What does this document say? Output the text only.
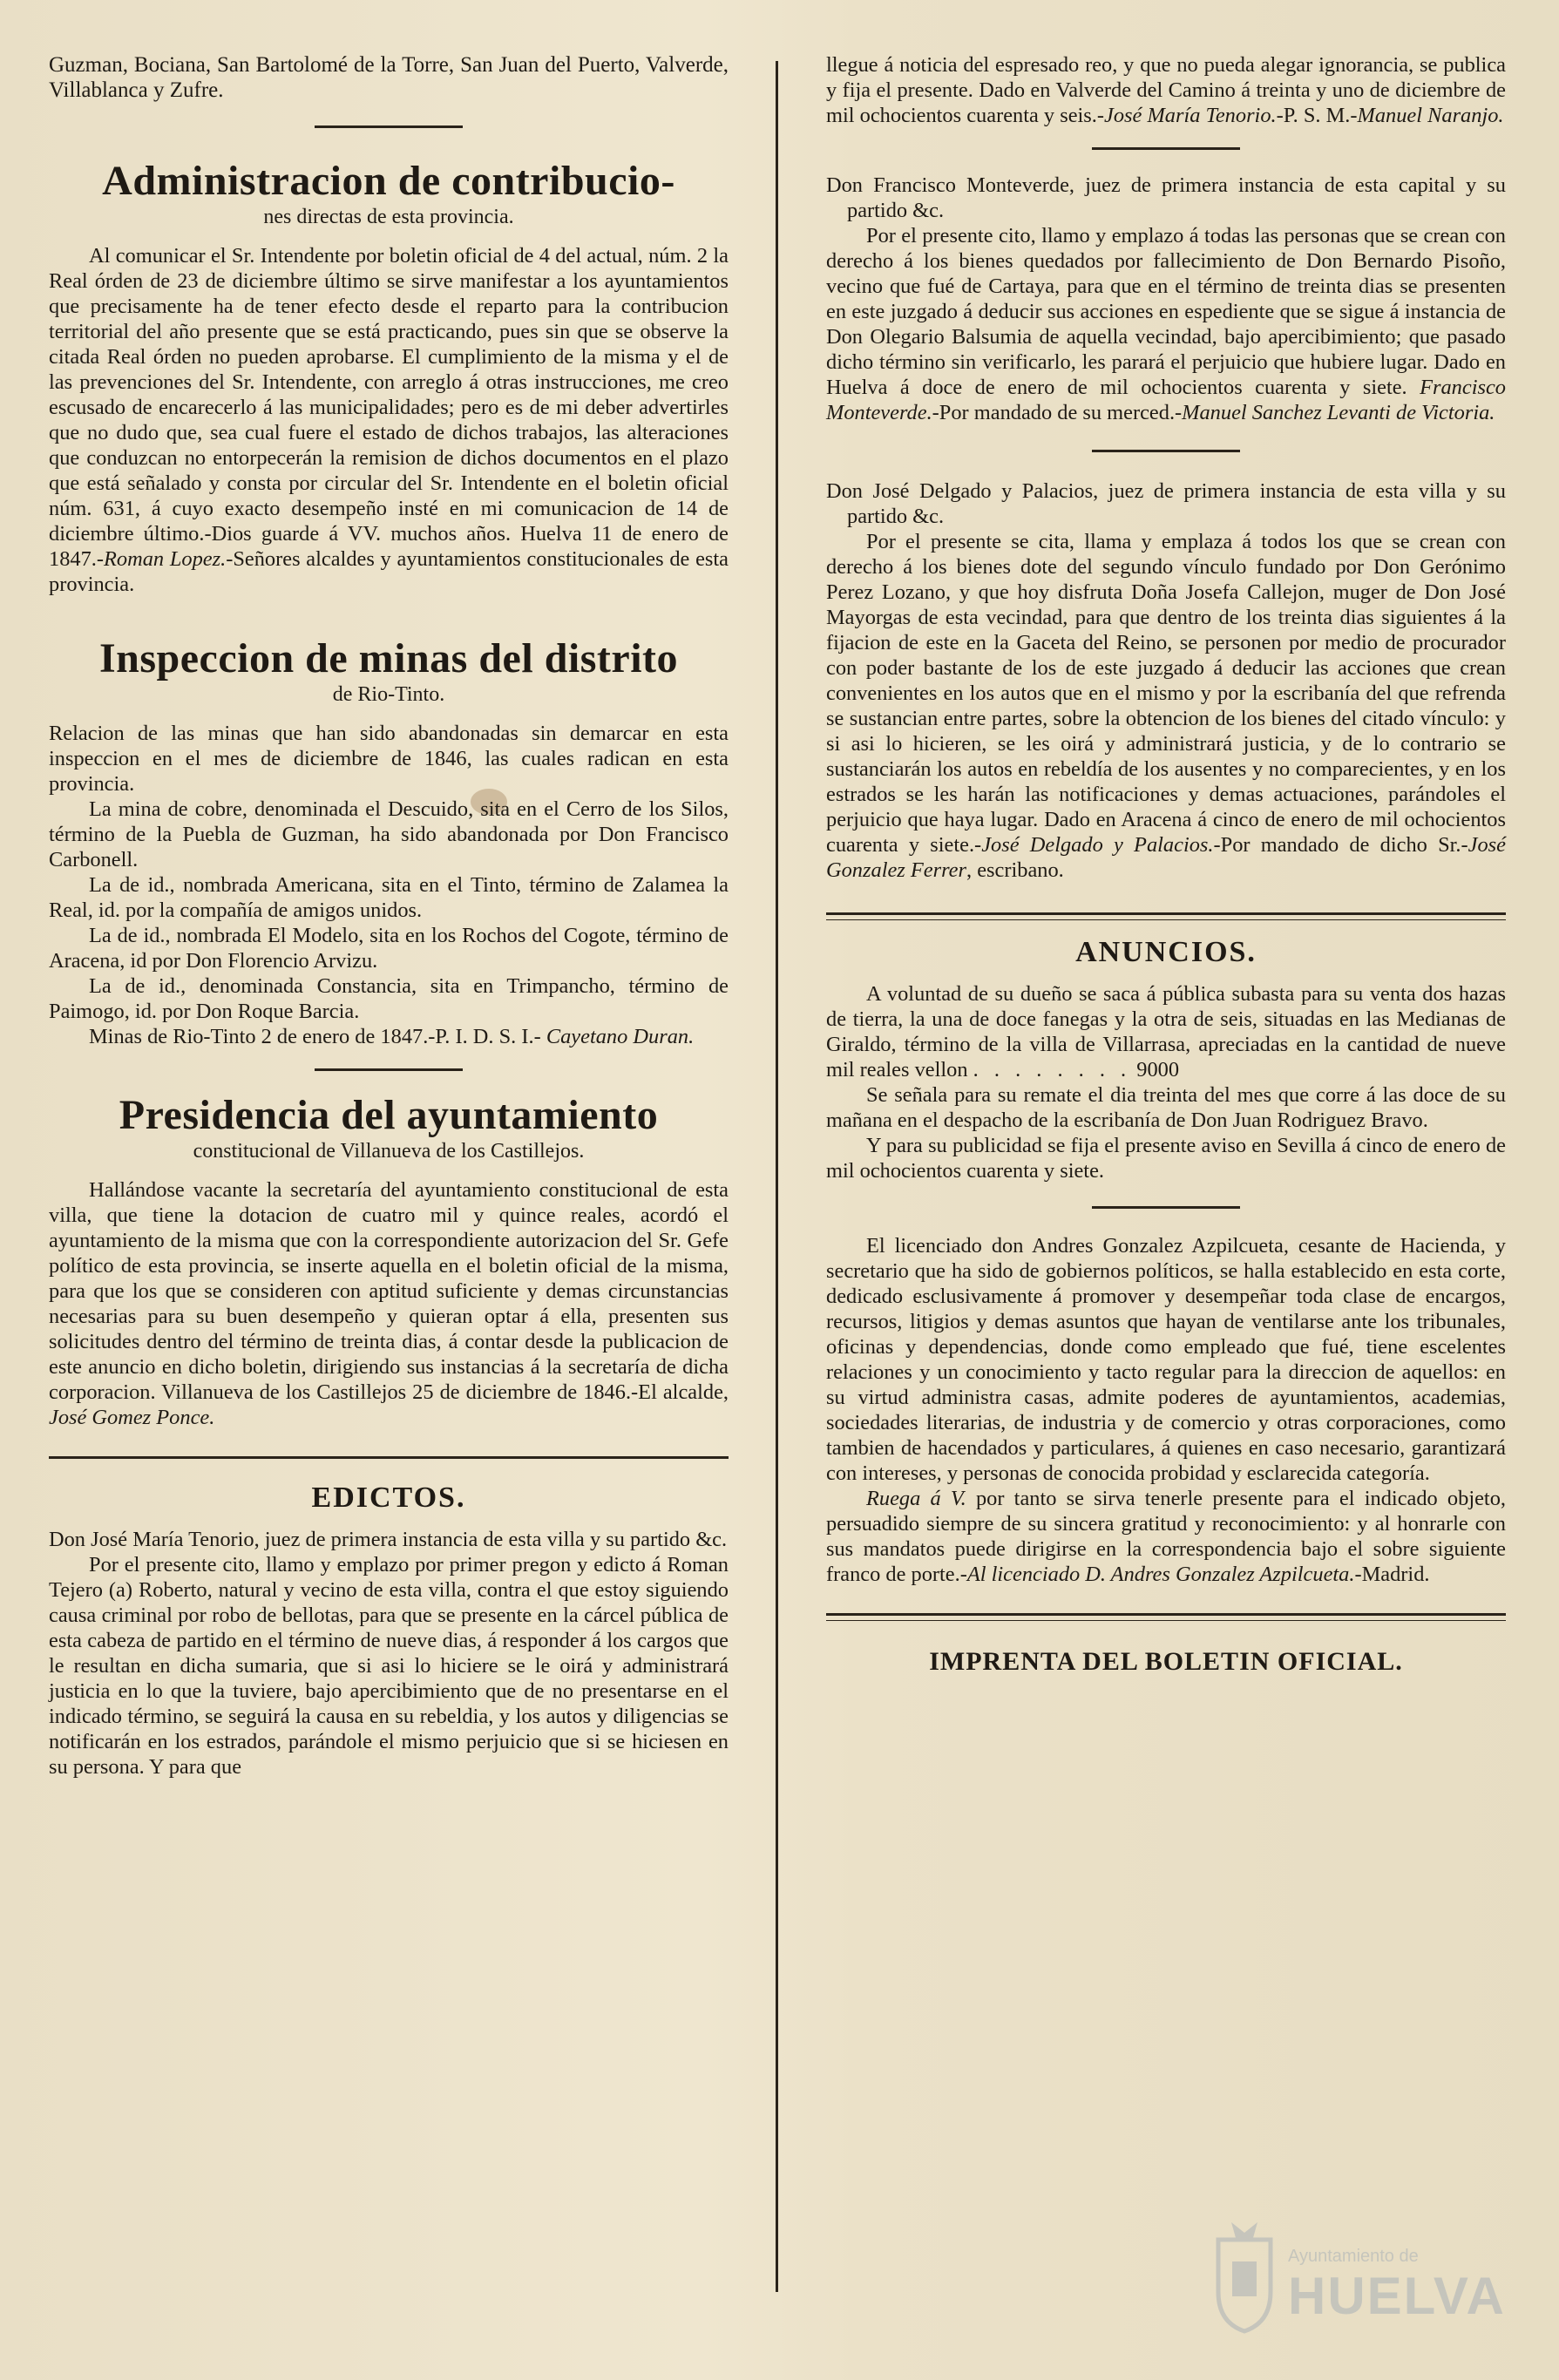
Guzman, Bociana, San Bartolomé de la Torre, San Juan del Puerto, Valverde, Villablanca y Zufre.

Administracion de contribucio-
nes directas de esta provincia.

Al comunicar el Sr. Intendente por boletin oficial de 4 del actual, núm. 2 la Real órden de 23 de diciembre último se sirve manifestar a los ayuntamientos que precisamente ha de tener efecto desde el reparto para la contribucion territorial del año presente que se está practicando, pues sin que se observe la citada Real órden no pueden aprobarse. El cumplimiento de la misma y el de las prevenciones del Sr. Intendente, con arreglo á otras instrucciones, me creo escusado de encarecerlo á las municipalidades; pero es de mi deber advertirles que no dudo que, sea cual fuere el estado de dichos trabajos, las alteraciones que conduzcan no entorpecerán la remision de dichos documentos en el plazo que está señalado y consta por circular del Sr. Intendente en el boletin oficial núm. 631, á cuyo exacto desempeño insté en mi comunicacion de 14 de diciembre último.-Dios guarde á VV. muchos años. Huelva 11 de enero de 1847.-Roman Lopez.-Señores alcaldes y ayuntamientos constitucionales de esta provincia.

Inspeccion de minas del distrito
de Rio-Tinto.

Relacion de las minas que han sido abandonadas sin demarcar en esta inspeccion en el mes de diciembre de 1846, las cuales radican en esta provincia.

La mina de cobre, denominada el Descuido, sita en el Cerro de los Silos, término de la Puebla de Guzman, ha sido abandonada por Don Francisco Carbonell.

La de id., nombrada Americana, sita en el Tinto, término de Zalamea la Real, id. por la compañía de amigos unidos.

La de id., nombrada El Modelo, sita en los Rochos del Cogote, término de Aracena, id por Don Florencio Arvizu.

La de id., denominada Constancia, sita en Trimpancho, término de Paimogo, id. por Don Roque Barcia.

Minas de Rio-Tinto 2 de enero de 1847.-P. I. D. S. I.- Cayetano Duran.

Presidencia del ayuntamiento
constitucional de Villanueva de los Castillejos.

Hallándose vacante la secretaría del ayuntamiento constitucional de esta villa, que tiene la dotacion de cuatro mil y quince reales, acordó el ayuntamiento de la misma que con la correspondiente autorizacion del Sr. Gefe político de esta provincia, se inserte aquella en el boletin oficial de la misma, para que los que se consideren con aptitud suficiente y demas circunstancias necesarias para su buen desempeño y quieran optar á ella, presenten sus solicitudes dentro del término de treinta dias, á contar desde la publicacion de este anuncio en dicho boletin, dirigiendo sus instancias á la secretaría de dicha corporacion. Villanueva de los Castillejos 25 de diciembre de 1846.-El alcalde, José Gomez Ponce.

EDICTOS.

Don José María Tenorio, juez de primera instancia de esta villa y su partido &c.

Por el presente cito, llamo y emplazo por primer pregon y edicto á Roman Tejero (a) Roberto, natural y vecino de esta villa, contra el que estoy siguiendo causa criminal por robo de bellotas, para que se presente en la cárcel pública de esta cabeza de partido en el término de nueve dias, á responder á los cargos que le resultan en dicha sumaria, que si asi lo hiciere se le oirá y administrará justicia en lo que la tuviere, bajo apercibimiento que de no presentarse en el indicado término, se seguirá la causa en su rebeldia, y los autos y diligencias se notificarán en los estrados, parándole el mismo perjuicio que si se hiciesen en su persona. Y para que

llegue á noticia del espresado reo, y que no pueda alegar ignorancia, se publica y fija el presente. Dado en Valverde del Camino á treinta y uno de diciembre de mil ochocientos cuarenta y seis.-José María Tenorio.-P. S. M.-Manuel Naranjo.

Don Francisco Monteverde, juez de primera instancia de esta capital y su partido &c.

Por el presente cito, llamo y emplazo á todas las personas que se crean con derecho á los bienes quedados por fallecimiento de Don Bernardo Pisoño, vecino que fué de Cartaya, para que en el término de treinta dias se presenten en este juzgado á deducir sus acciones en espediente que se sigue á instancia de Don Olegario Balsumia de aquella vecindad, bajo apercibimiento; que pasado dicho término sin verificarlo, les parará el perjuicio que hubiere lugar. Dado en Huelva á doce de enero de mil ochocientos cuarenta y siete. Francisco Monteverde.-Por mandado de su merced.-Manuel Sanchez Levanti de Victoria.

Don José Delgado y Palacios, juez de primera instancia de esta villa y su partido &c.

Por el presente se cita, llama y emplaza á todos los que se crean con derecho á los bienes dote del segundo vínculo fundado por Don Gerónimo Perez Lozano, y que hoy disfruta Doña Josefa Callejon, muger de Don José Mayorgas de esta vecindad, para que dentro de los treinta dias siguientes á la fijacion de este en la Gaceta del Reino, se personen por medio de procurador con poder bastante de los de este juzgado á deducir las acciones que crean convenientes en los autos que en el mismo y por la escribanía del que refrenda se sustancian entre partes, sobre la obtencion de los bienes del citado vínculo: y si asi lo hicieren, se les oirá y administrará justicia, y de lo contrario se sustanciarán los autos en rebeldía de los ausentes y no comparecientes, y en los estrados se les harán las notificaciones y demas actuaciones, parándoles el perjuicio que haya lugar. Dado en Aracena á cinco de enero de mil ochocientos cuarenta y siete.-José Delgado y Palacios.-Por mandado de dicho Sr.-José Gonzalez Ferrer, escribano.

ANUNCIOS.

A voluntad de su dueño se saca á pública subasta para su venta dos hazas de tierra, la una de doce fanegas y la otra de seis, situadas en las Medianas de Giraldo, término de la villa de Villarrasa, apreciadas en la cantidad de nueve mil reales vellon . . . . . . . . 9000

Se señala para su remate el dia treinta del mes que corre á las doce de su mañana en el despacho de la escribanía de Don Juan Rodriguez Bravo.

Y para su publicidad se fija el presente aviso en Sevilla á cinco de enero de mil ochocientos cuarenta y siete.

El licenciado don Andres Gonzalez Azpilcueta, cesante de Hacienda, y secretario que ha sido de gobiernos políticos, se halla establecido en esta corte, dedicado esclusivamente á promover y desempeñar toda clase de encargos, recursos, litigios y demas asuntos que hayan de ventilarse ante los tribunales, oficinas y dependencias, donde como empleado que fué, tiene escelentes relaciones y un conocimiento y tacto regular para la direccion de aquellos: en su virtud administra casas, admite poderes de ayuntamientos, academias, sociedades literarias, de industria y de comercio y otras corporaciones, como tambien de hacendados y particulares, á quienes en caso necesario, garantizará con intereses, y personas de conocida probidad y esclarecida categoría.

Ruega á V. por tanto se sirva tenerle presente para el indicado objeto, persuadido siempre de su sincera gratitud y reconocimiento: y al honrarle con sus mandatos puede dirigirse en la correspondencia bajo el sobre siguiente franco de porte.-Al licenciado D. Andres Gonzalez Azpilcueta.-Madrid.

IMPRENTA DEL BOLETIN OFICIAL.
Ayuntamiento de
HUELVA
